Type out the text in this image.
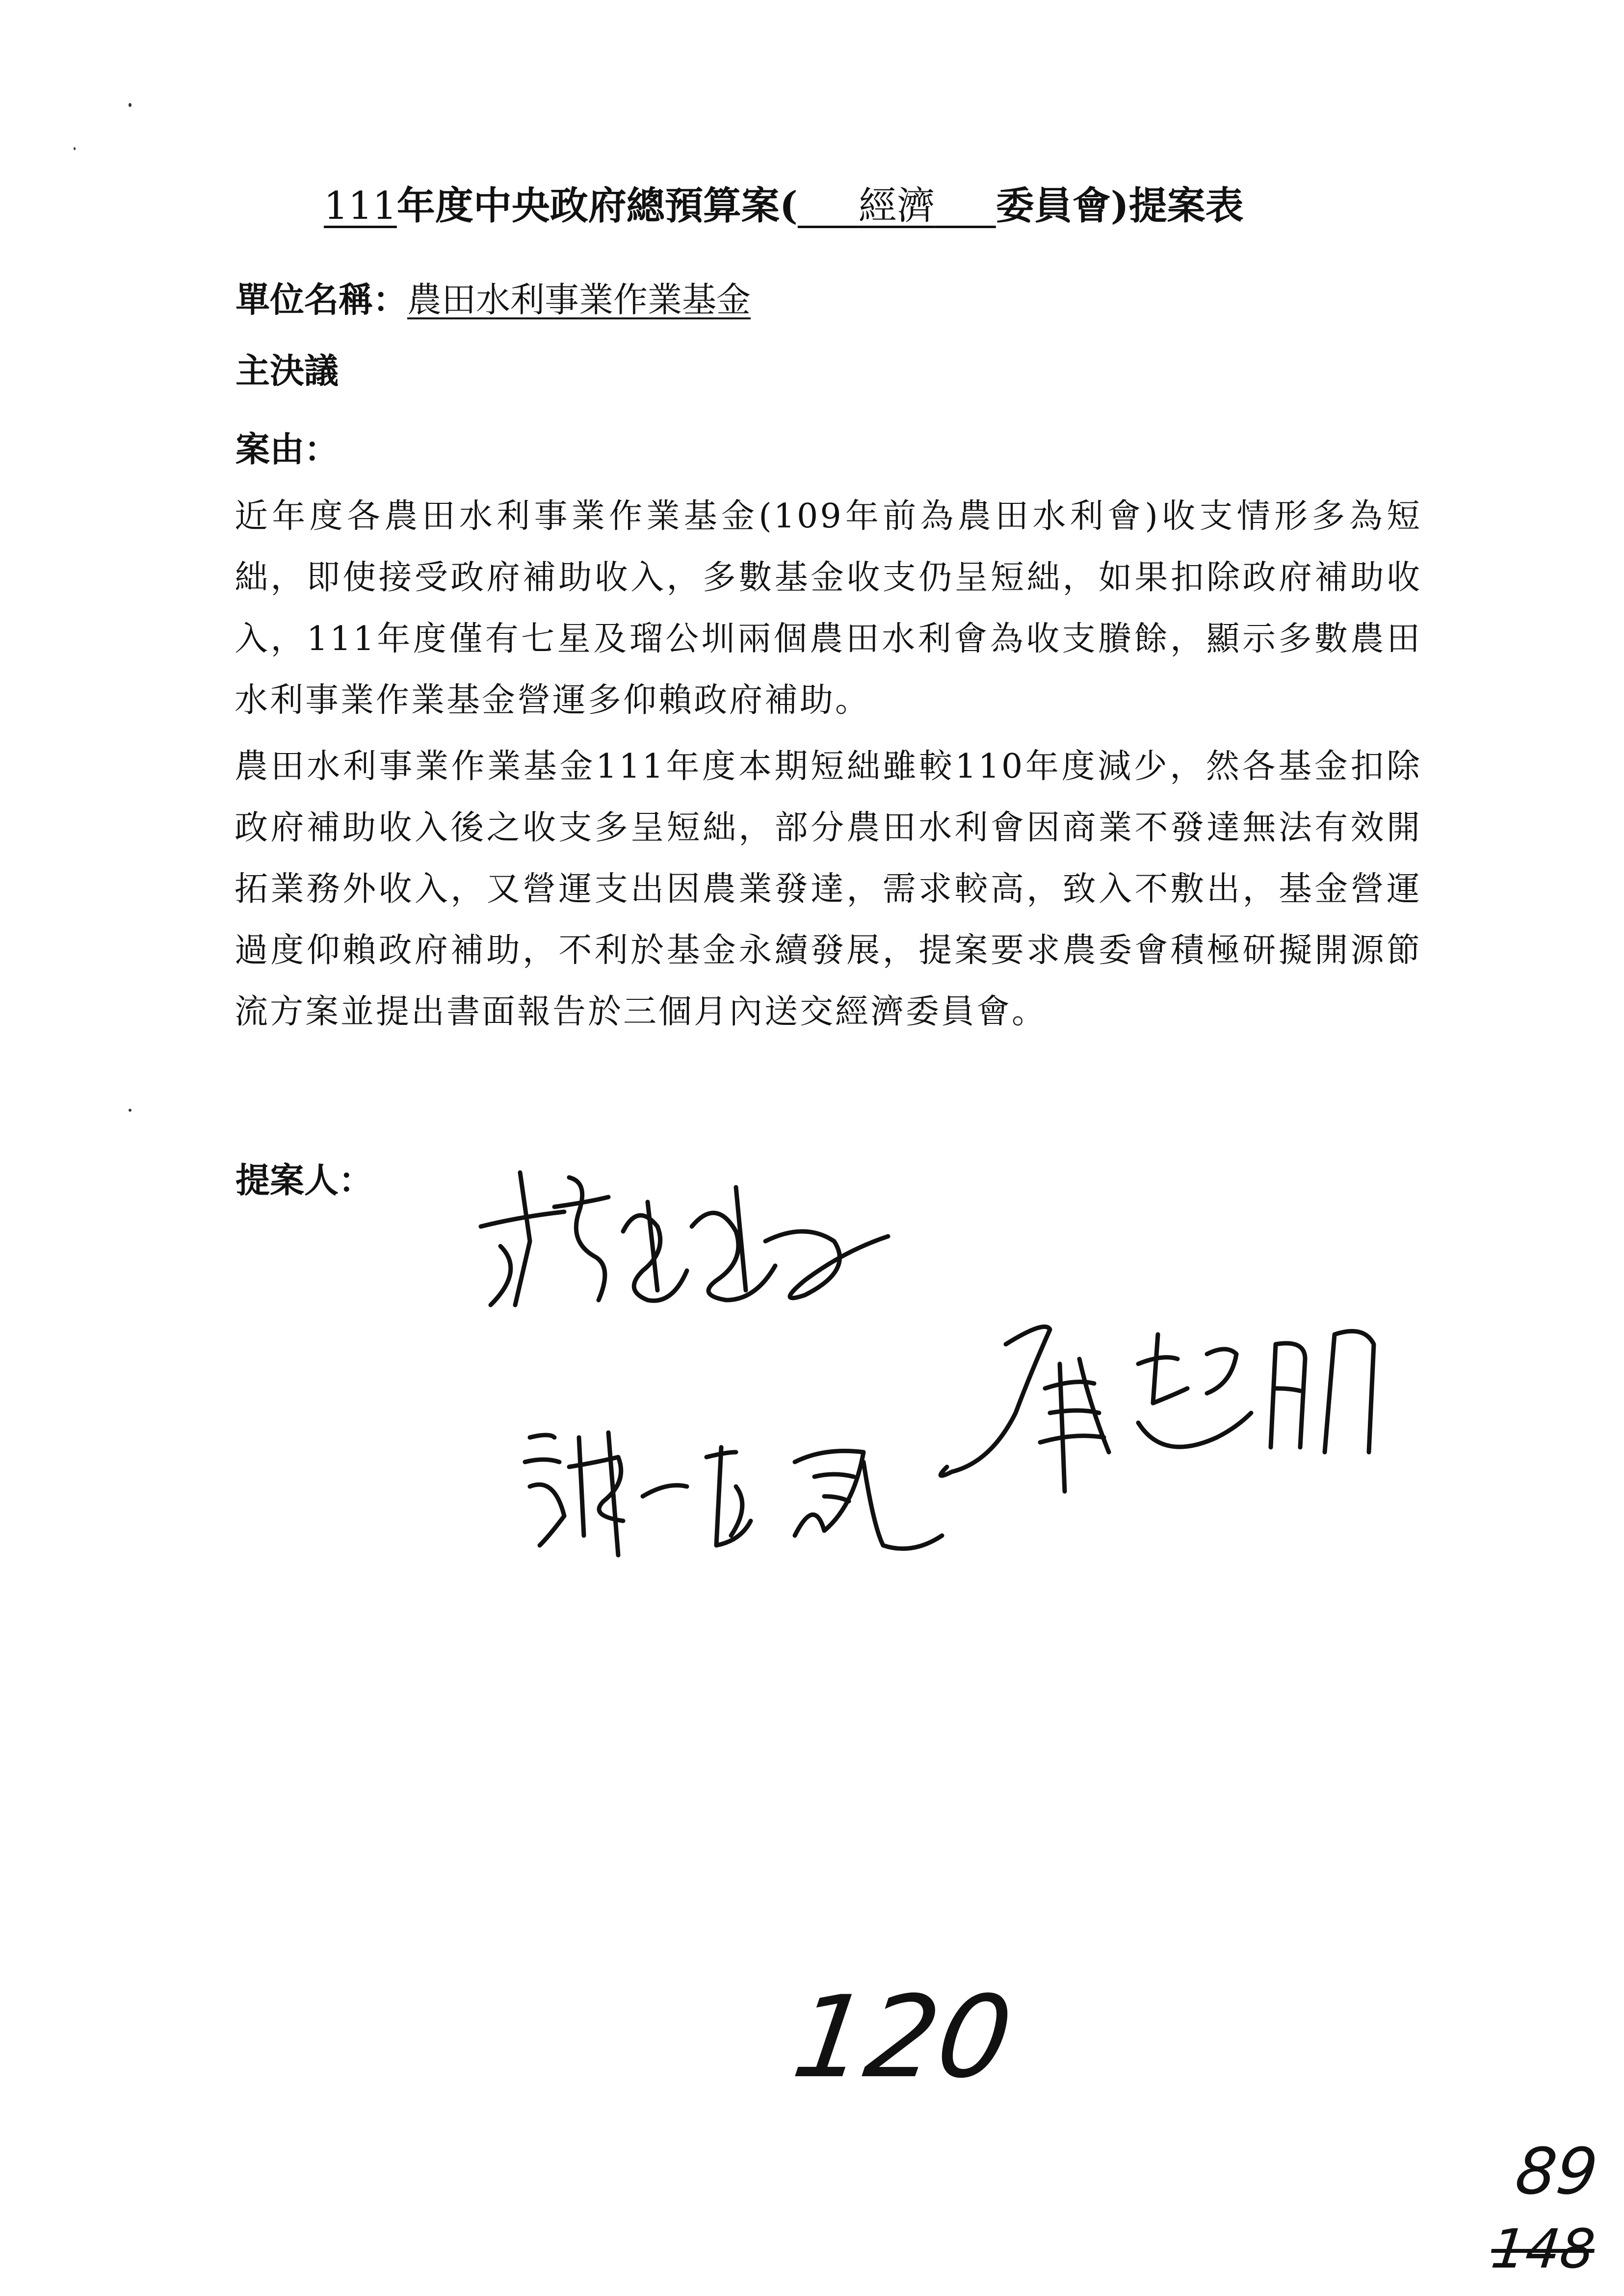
111年度中央政府總預算案( 經濟 委員會)提案表
單位名稱：農田水利事業作業基金
主決議
案由：
近年度各農田水利事業作業基金(109年前為農田水利會)收支情形多為短絀，即使接受政府補助收入，多數基金收支仍呈短絀，如果扣除政府補助收入，111年度僅有七星及瑠公圳兩個農田水利會為收支賸餘，顯示多數農田水利事業作業基金營運多仰賴政府補助。
農田水利事業作業基金111年度本期短絀雖較110年度減少，然各基金扣除政府補助收入後之收支多呈短絀，部分農田水利會因商業不發達無法有效開拓業務外收入，又營運支出因農業發達，需求較高，致入不敷出，基金營運過度仰賴政府補助，不利於基金永續發展，提案要求農委會積極研擬開源節流方案並提出書面報告於三個月內送交經濟委員會。
提案人：
120
89
148
